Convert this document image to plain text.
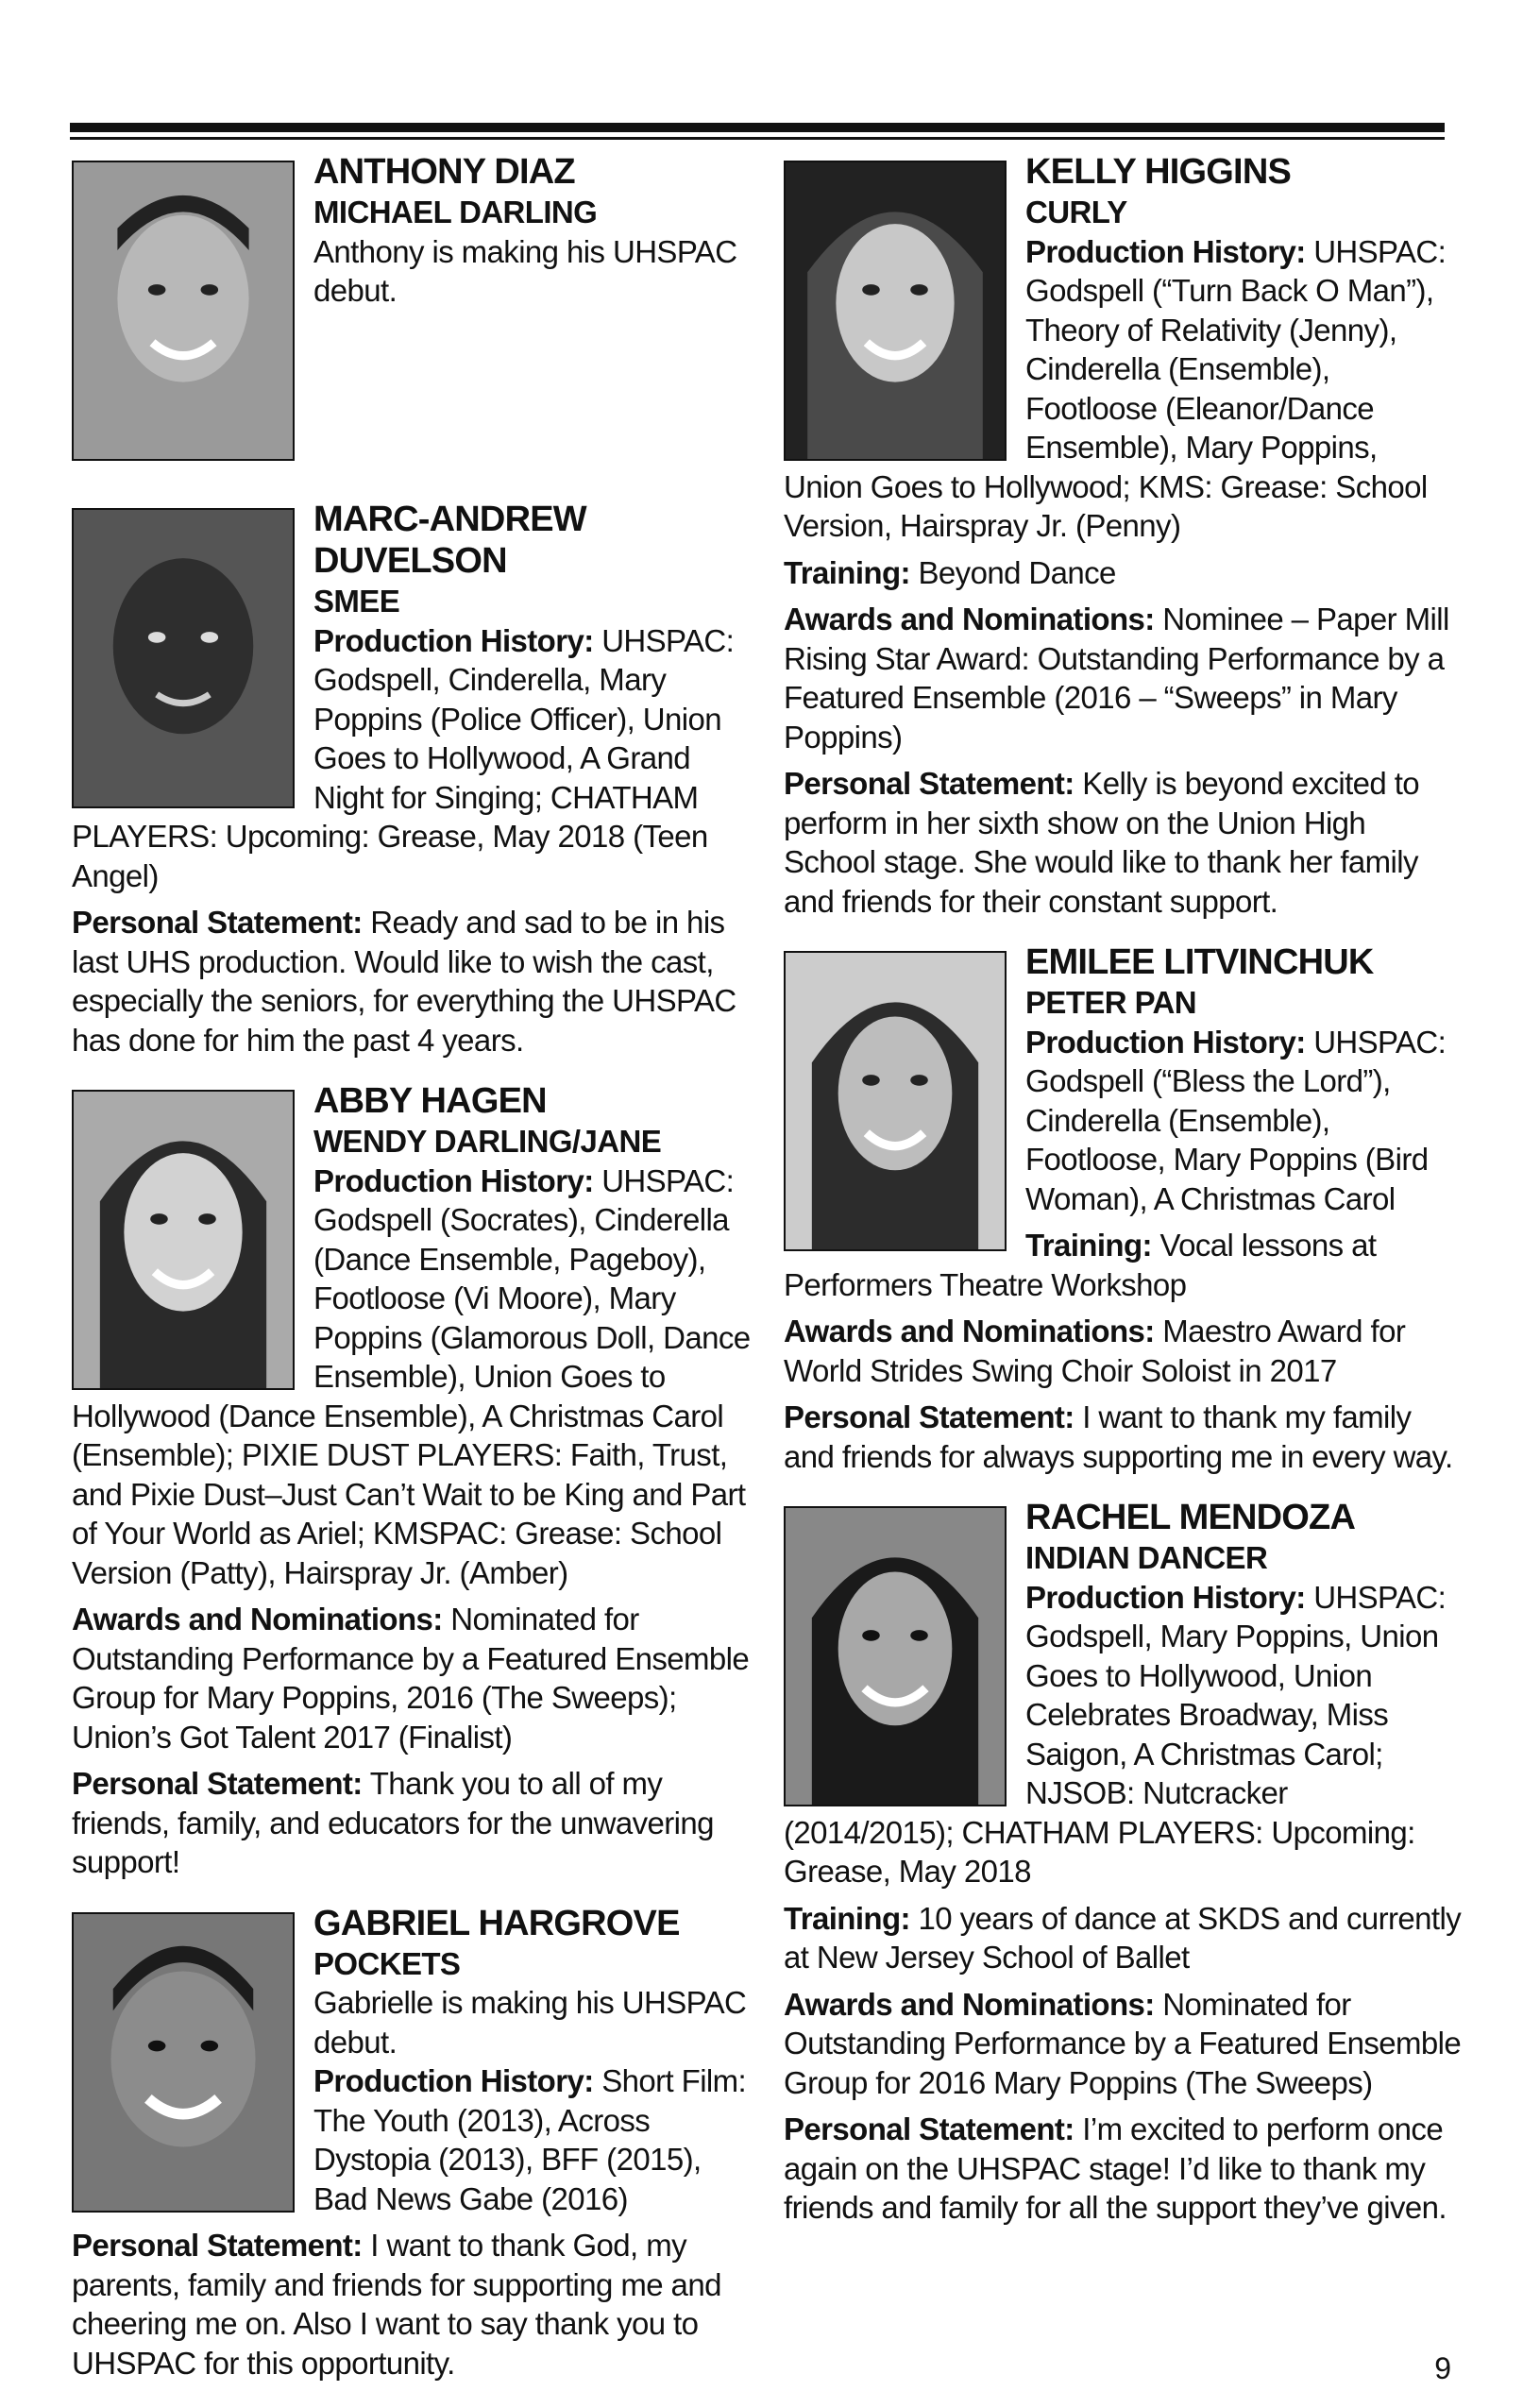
ANTHONY DIAZ
MICHAEL DARLING
Anthony is making his UHSPAC debut.
MARC-ANDREW DUVELSON
SMEE
Production History: UHSPAC: Godspell, Cinderella, Mary Poppins (Police Officer), Union Goes to Hollywood, A Grand Night for Singing; CHATHAM PLAYERS: Upcoming: Grease, May 2018 (Teen Angel)
Personal Statement: Ready and sad to be in his last UHS production. Would like to wish the cast, especially the seniors, for everything the UHSPAC has done for him the past 4 years.
ABBY HAGEN
WENDY DARLING/JANE
Production History: UHSPAC: Godspell (Socrates), Cinderella (Dance Ensemble, Pageboy), Footloose (Vi Moore), Mary Poppins (Glamorous Doll, Dance Ensemble), Union Goes to Hollywood (Dance Ensemble), A Christmas Carol (Ensemble); PIXIE DUST PLAYERS: Faith, Trust, and Pixie Dust–Just Can’t Wait to be King and Part of Your World as Ariel; KMSPAC: Grease: School Version (Patty), Hairspray Jr. (Amber)
Awards and Nominations: Nominated for Outstanding Performance by a Featured Ensemble Group for Mary Poppins, 2016 (The Sweeps); Union’s Got Talent 2017 (Finalist)
Personal Statement: Thank you to all of my friends, family, and educators for the unwavering support!
GABRIEL HARGROVE
POCKETS
Gabrielle is making his UHSPAC debut.
Production History: Short Film: The Youth (2013), Across Dystopia (2013), BFF (2015), Bad News Gabe (2016)
Personal Statement: I want to thank God, my parents, family and friends for supporting me and cheering me on. Also I want to say thank you to UHSPAC for this opportunity.
KELLY HIGGINS
CURLY
Production History: UHSPAC: Godspell (“Turn Back O Man”), Theory of Relativity (Jenny), Cinderella (Ensemble), Footloose (Eleanor/Dance Ensemble), Mary Poppins, Union Goes to Hollywood; KMS: Grease: School Version, Hairspray Jr. (Penny)
Training: Beyond Dance
Awards and Nominations: Nominee – Paper Mill Rising Star Award: Outstanding Performance by a Featured Ensemble (2016 – “Sweeps” in Mary Poppins)
Personal Statement: Kelly is beyond excited to perform in her sixth show on the Union High School stage. She would like to thank her family and friends for their constant support.
EMILEE LITVINCHUK
PETER PAN
Production History: UHSPAC: Godspell (“Bless the Lord”), Cinderella (Ensemble), Footloose, Mary Poppins (Bird Woman), A Christmas Carol
Training: Vocal lessons at Performers Theatre Workshop
Awards and Nominations: Maestro Award for World Strides Swing Choir Soloist in 2017
Personal Statement: I want to thank my family and friends for always supporting me in every way.
RACHEL MENDOZA
INDIAN DANCER
Production History: UHSPAC: Godspell, Mary Poppins, Union Goes to Hollywood, Union Celebrates Broadway, Miss Saigon, A Christmas Carol; NJSOB: Nutcracker (2014/2015); CHATHAM PLAYERS: Upcoming: Grease, May 2018
Training: 10 years of dance at SKDS and currently at New Jersey School of Ballet
Awards and Nominations: Nominated for Outstanding Performance by a Featured Ensemble Group for 2016 Mary Poppins (The Sweeps)
Personal Statement: I’m excited to perform once again on the UHSPAC stage! I’d like to thank my friends and family for all the support they’ve given.
9
